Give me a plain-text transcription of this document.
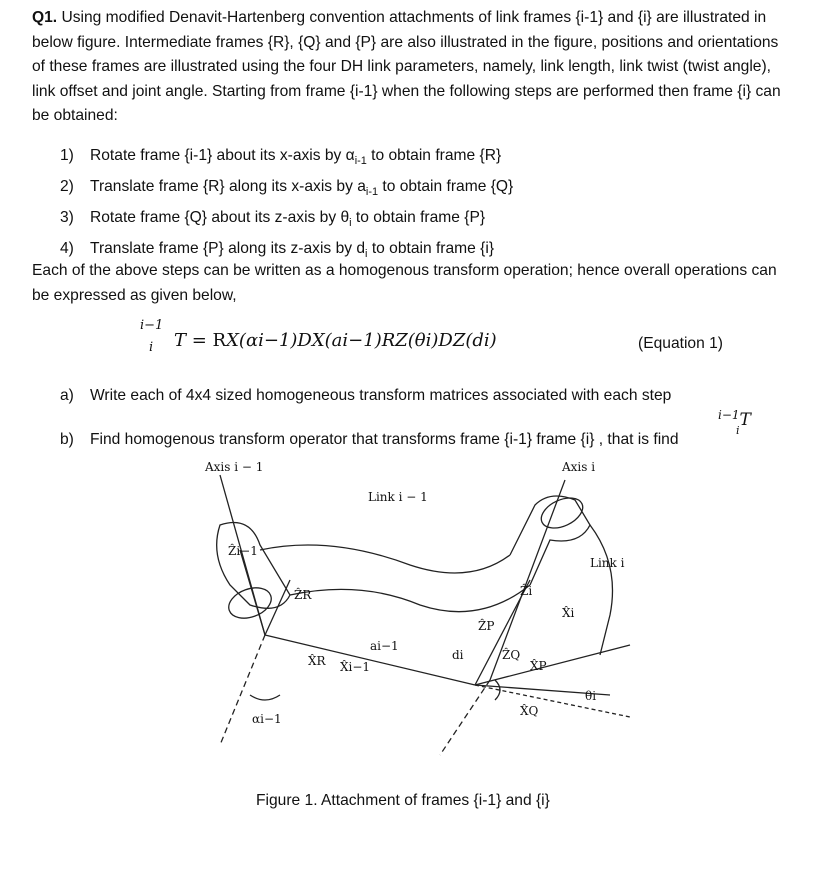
Q1. Using modified Denavit-Hartenberg convention attachments of link frames {i-1} and {i} are illustrated in below figure. Intermediate frames {R}, {Q} and {P} are also illustrated in the figure, positions and orientations of these frames are illustrated using the four DH link parameters, namely, link length, link twist (twist angle), link offset and joint angle. Starting from frame {i-1} when the following steps are performed then frame {i} can be obtained:
1)	Rotate frame {i-1} about its x-axis by $\alpha_{i-1}$ to obtain frame {R}
2)	Translate frame {R} along its x-axis by $a_{i-1}$ to obtain frame {Q}
3)	Rotate frame {Q} about its z-axis by $\theta_i$ to obtain frame {P}
4)	Translate frame {P} along its z-axis by $d_i$ to obtain frame {i}
Each of the above steps can be written as a homogenous transform operation; hence overall operations can be expressed as given below,
i−1
i T = RX(αi−1)DX(ai−1)RZ(θi)DZ(di)	(Equation 1)
a) Write each of 4x4 sized homogeneous transform matrices associated with each step
b) Find homogenous transform operator that transforms frame {i-1} frame {i} , that is find
$^{i-1}$T
i
Axis i − 1	Axis i
Link i − 1
Link i
Ẑi−1
ẐR
X̂R X̂i−1
ai−1
αi−1
ẐP
ẐQ
Ẑi
X̂i
X̂P
X̂Q
di
θi
Figure 1. Attachment of frames {i-1} and {i}
